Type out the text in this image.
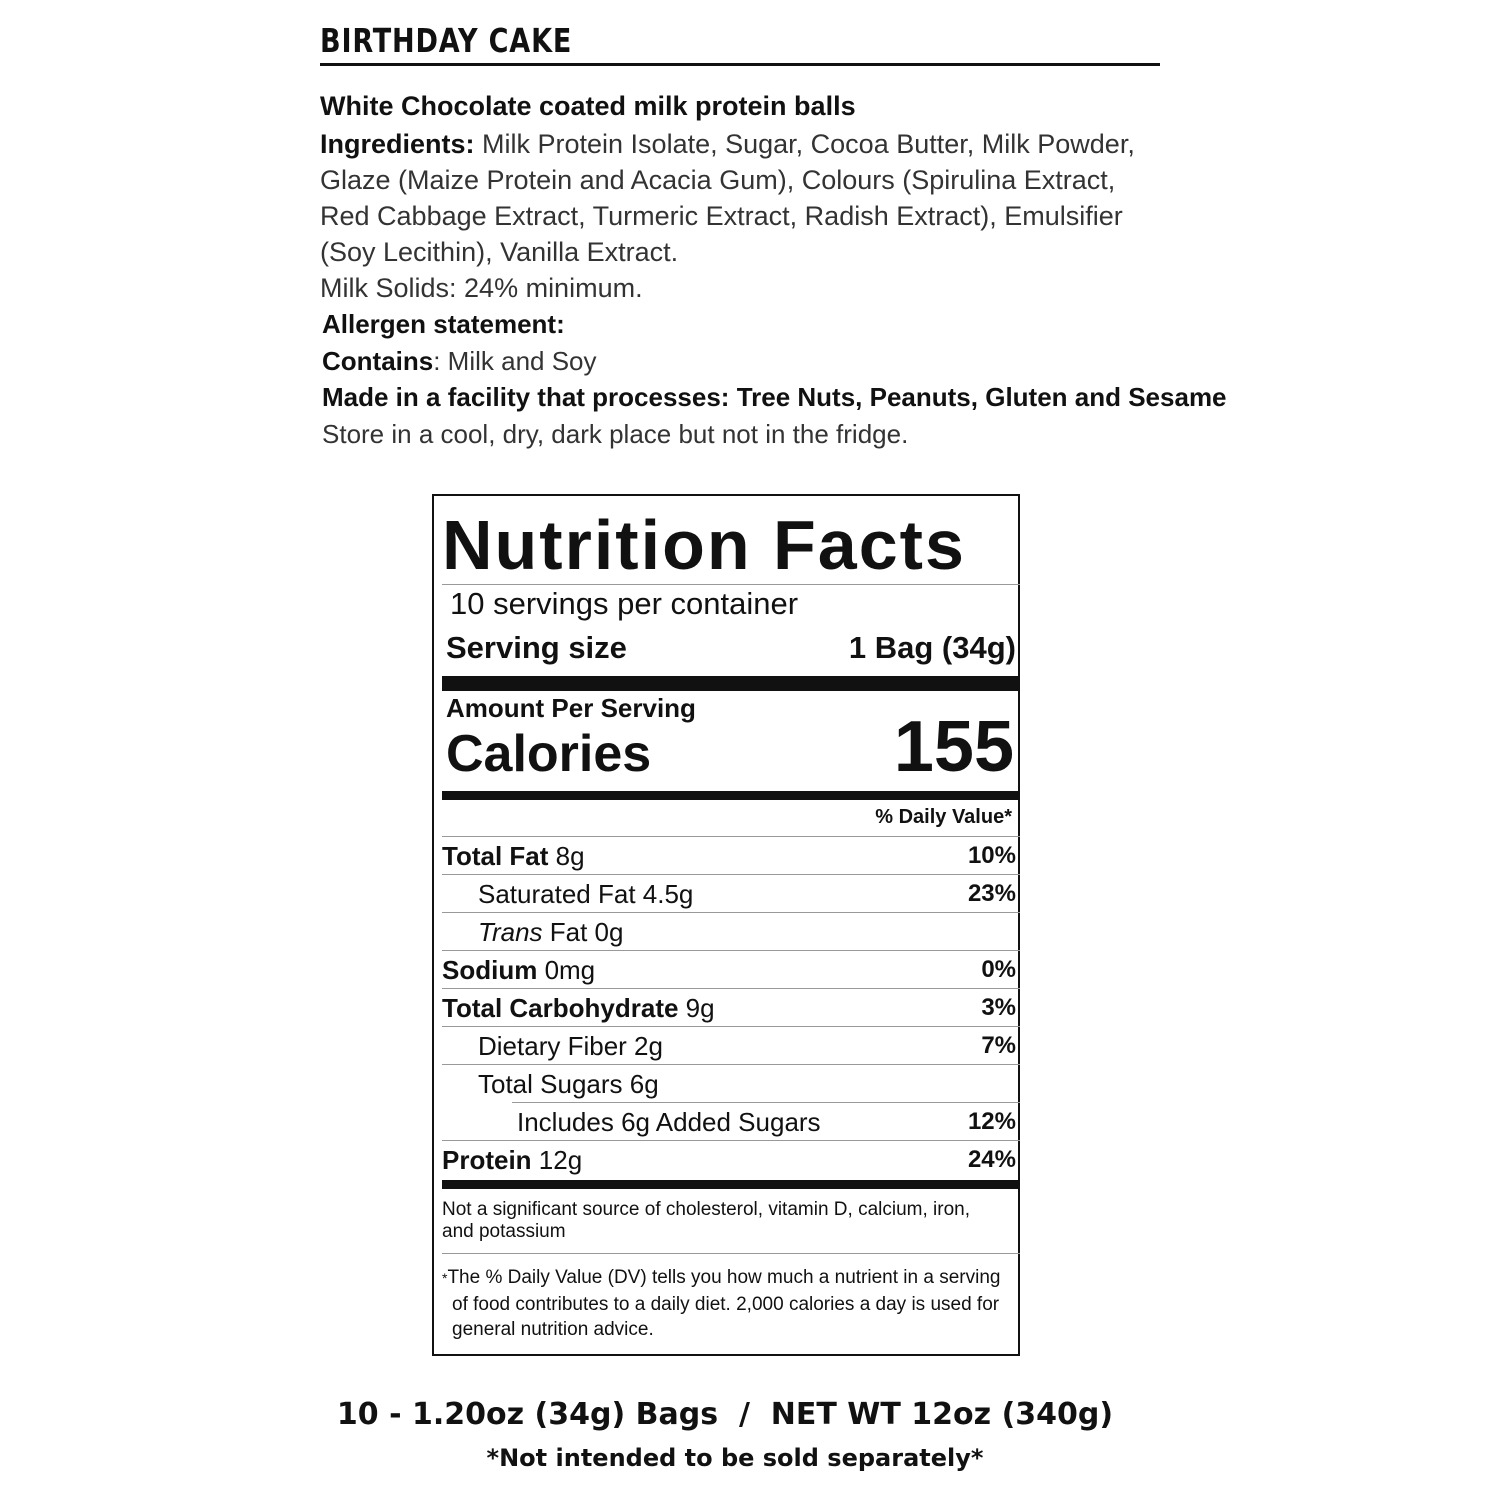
BIRTHDAY CAKE
White Chocolate coated milk protein balls
Ingredients: Milk Protein Isolate, Sugar, Cocoa Butter, Milk Powder, Glaze (Maize Protein and Acacia Gum), Colours (Spirulina Extract, Red Cabbage Extract, Turmeric Extract, Radish Extract), Emulsifier (Soy Lecithin), Vanilla Extract.
Milk Solids: 24% minimum.
Allergen statement:
Contains: Milk and Soy
Made in a facility that processes: Tree Nuts, Peanuts, Gluten and Sesame
Store in a cool, dry, dark place but not in the fridge.
Nutrition Facts
10 servings per container
Serving size	1 Bag (34g)
Amount Per Serving
Calories	155
% Daily Value*
Total Fat 8g	10%
Saturated Fat 4.5g	23%
Trans Fat 0g
Sodium 0mg	0%
Total Carbohydrate 9g	3%
Dietary Fiber 2g	7%
Total Sugars 6g
Includes 6g Added Sugars	12%
Protein 12g	24%
Not a significant source of cholesterol, vitamin D, calcium, iron, and potassium
*The % Daily Value (DV) tells you how much a nutrient in a serving of food contributes to a daily diet. 2,000 calories a day is used for general nutrition advice.
10 - 1.20oz (34g) Bags  /  NET WT 12oz (340g)
*Not intended to be sold separately*
